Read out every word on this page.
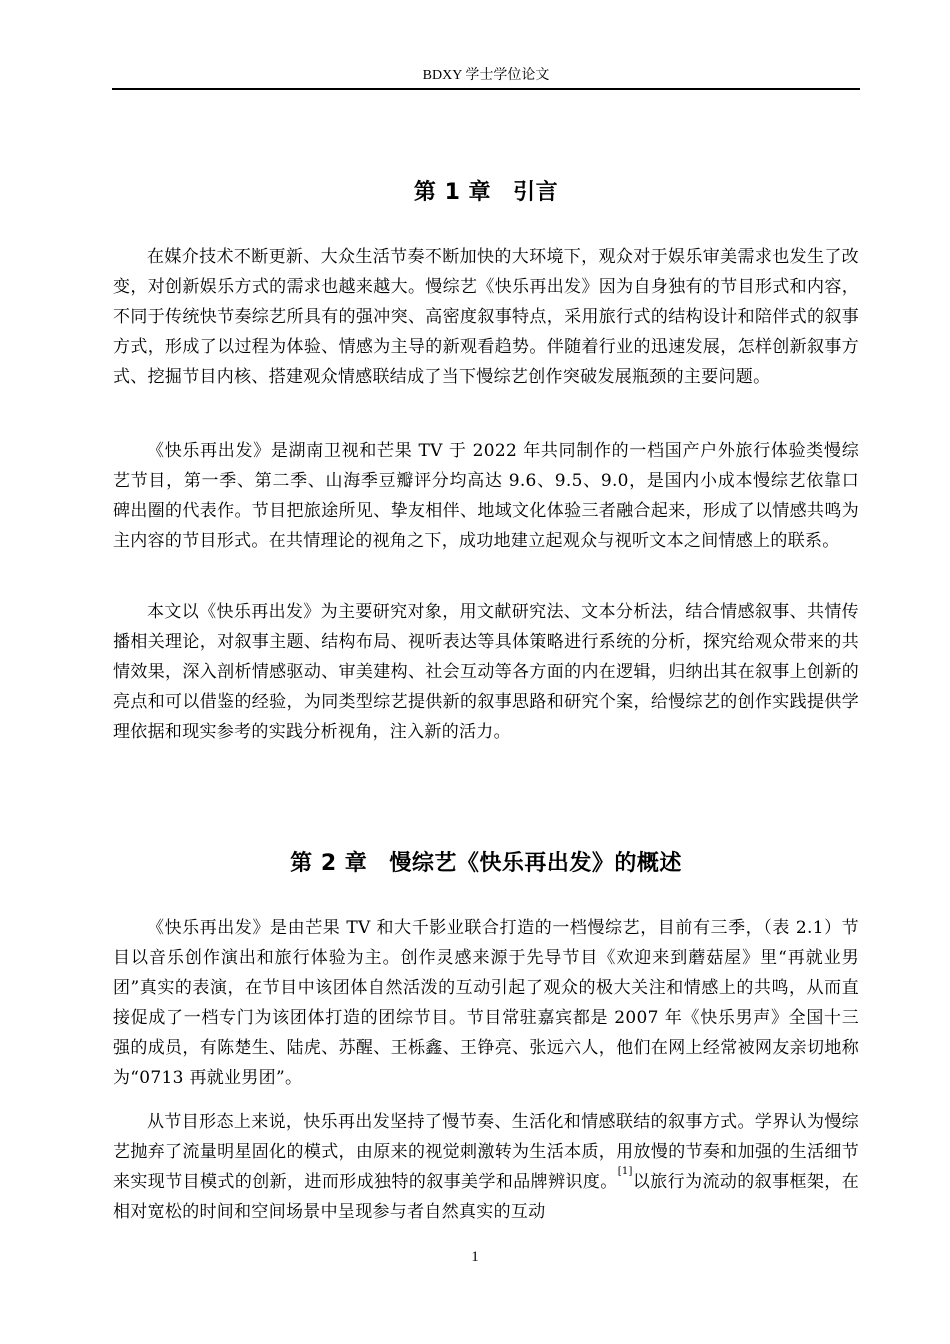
BDXY 学士学位论文
第 1 章 引言

在媒介技术不断更新、大众生活节奏不断加快的大环境下，观众对于娱乐审美需求也发生了改变，对创新娱乐方式的需求也越来越大。慢综艺《快乐再出发》因为自身独有的节目形式和内容，不同于传统快节奏综艺所具有的强冲突、高密度叙事特点，采用旅行式的结构设计和陪伴式的叙事方式，形成了以过程为体验、情感为主导的新观看趋势。伴随着行业的迅速发展，怎样创新叙事方式、挖掘节目内核、搭建观众情感联结成了当下慢综艺创作突破发展瓶颈的主要问题。

《快乐再出发》是湖南卫视和芒果 TV 于 2022 年共同制作的一档国产户外旅行体验类慢综艺节目，第一季、第二季、山海季豆瓣评分均高达 9.6、9.5、9.0，是国内小成本慢综艺依靠口碑出圈的代表作。节目把旅途所见、挚友相伴、地域文化体验三者融合起来，形成了以情感共鸣为主内容的节目形式。在共情理论的视角之下，成功地建立起观众与视听文本之间情感上的联系。

本文以《快乐再出发》为主要研究对象，用文献研究法、文本分析法，结合情感叙事、共情传播相关理论，对叙事主题、结构布局、视听表达等具体策略进行系统的分析，探究给观众带来的共情效果，深入剖析情感驱动、审美建构、社会互动等各方面的内在逻辑，归纳出其在叙事上创新的亮点和可以借鉴的经验，为同类型综艺提供新的叙事思路和研究个案，给慢综艺的创作实践提供学理依据和现实参考的实践分析视角，注入新的活力。

第 2 章 慢综艺《快乐再出发》的概述

《快乐再出发》是由芒果 TV 和大千影业联合打造的一档慢综艺，目前有三季，（表 2.1）节目以音乐创作演出和旅行体验为主。创作灵感来源于先导节目《欢迎来到蘑菇屋》里“再就业男团”真实的表演，在节目中该团体自然活泼的互动引起了观众的极大关注和情感上的共鸣，从而直接促成了一档专门为该团体打造的团综节目。节目常驻嘉宾都是 2007 年《快乐男声》全国十三强的成员，有陈楚生、陆虎、苏醒、王栎鑫、王铮亮、张远六人，他们在网上经常被网友亲切地称为“0713 再就业男团”。

从节目形态上来说，快乐再出发坚持了慢节奏、生活化和情感联结的叙事方式。学界认为慢综艺抛弃了流量明星固化的模式，由原来的视觉刺激转为生活本质，用放慢的节奏和加强的生活细节来实现节目模式的创新，进而形成独特的叙事美学和品牌辨识度。[1]以旅行为流动的叙事框架，在相对宽松的时间和空间场景中呈现参与者自然真实的互动

1
